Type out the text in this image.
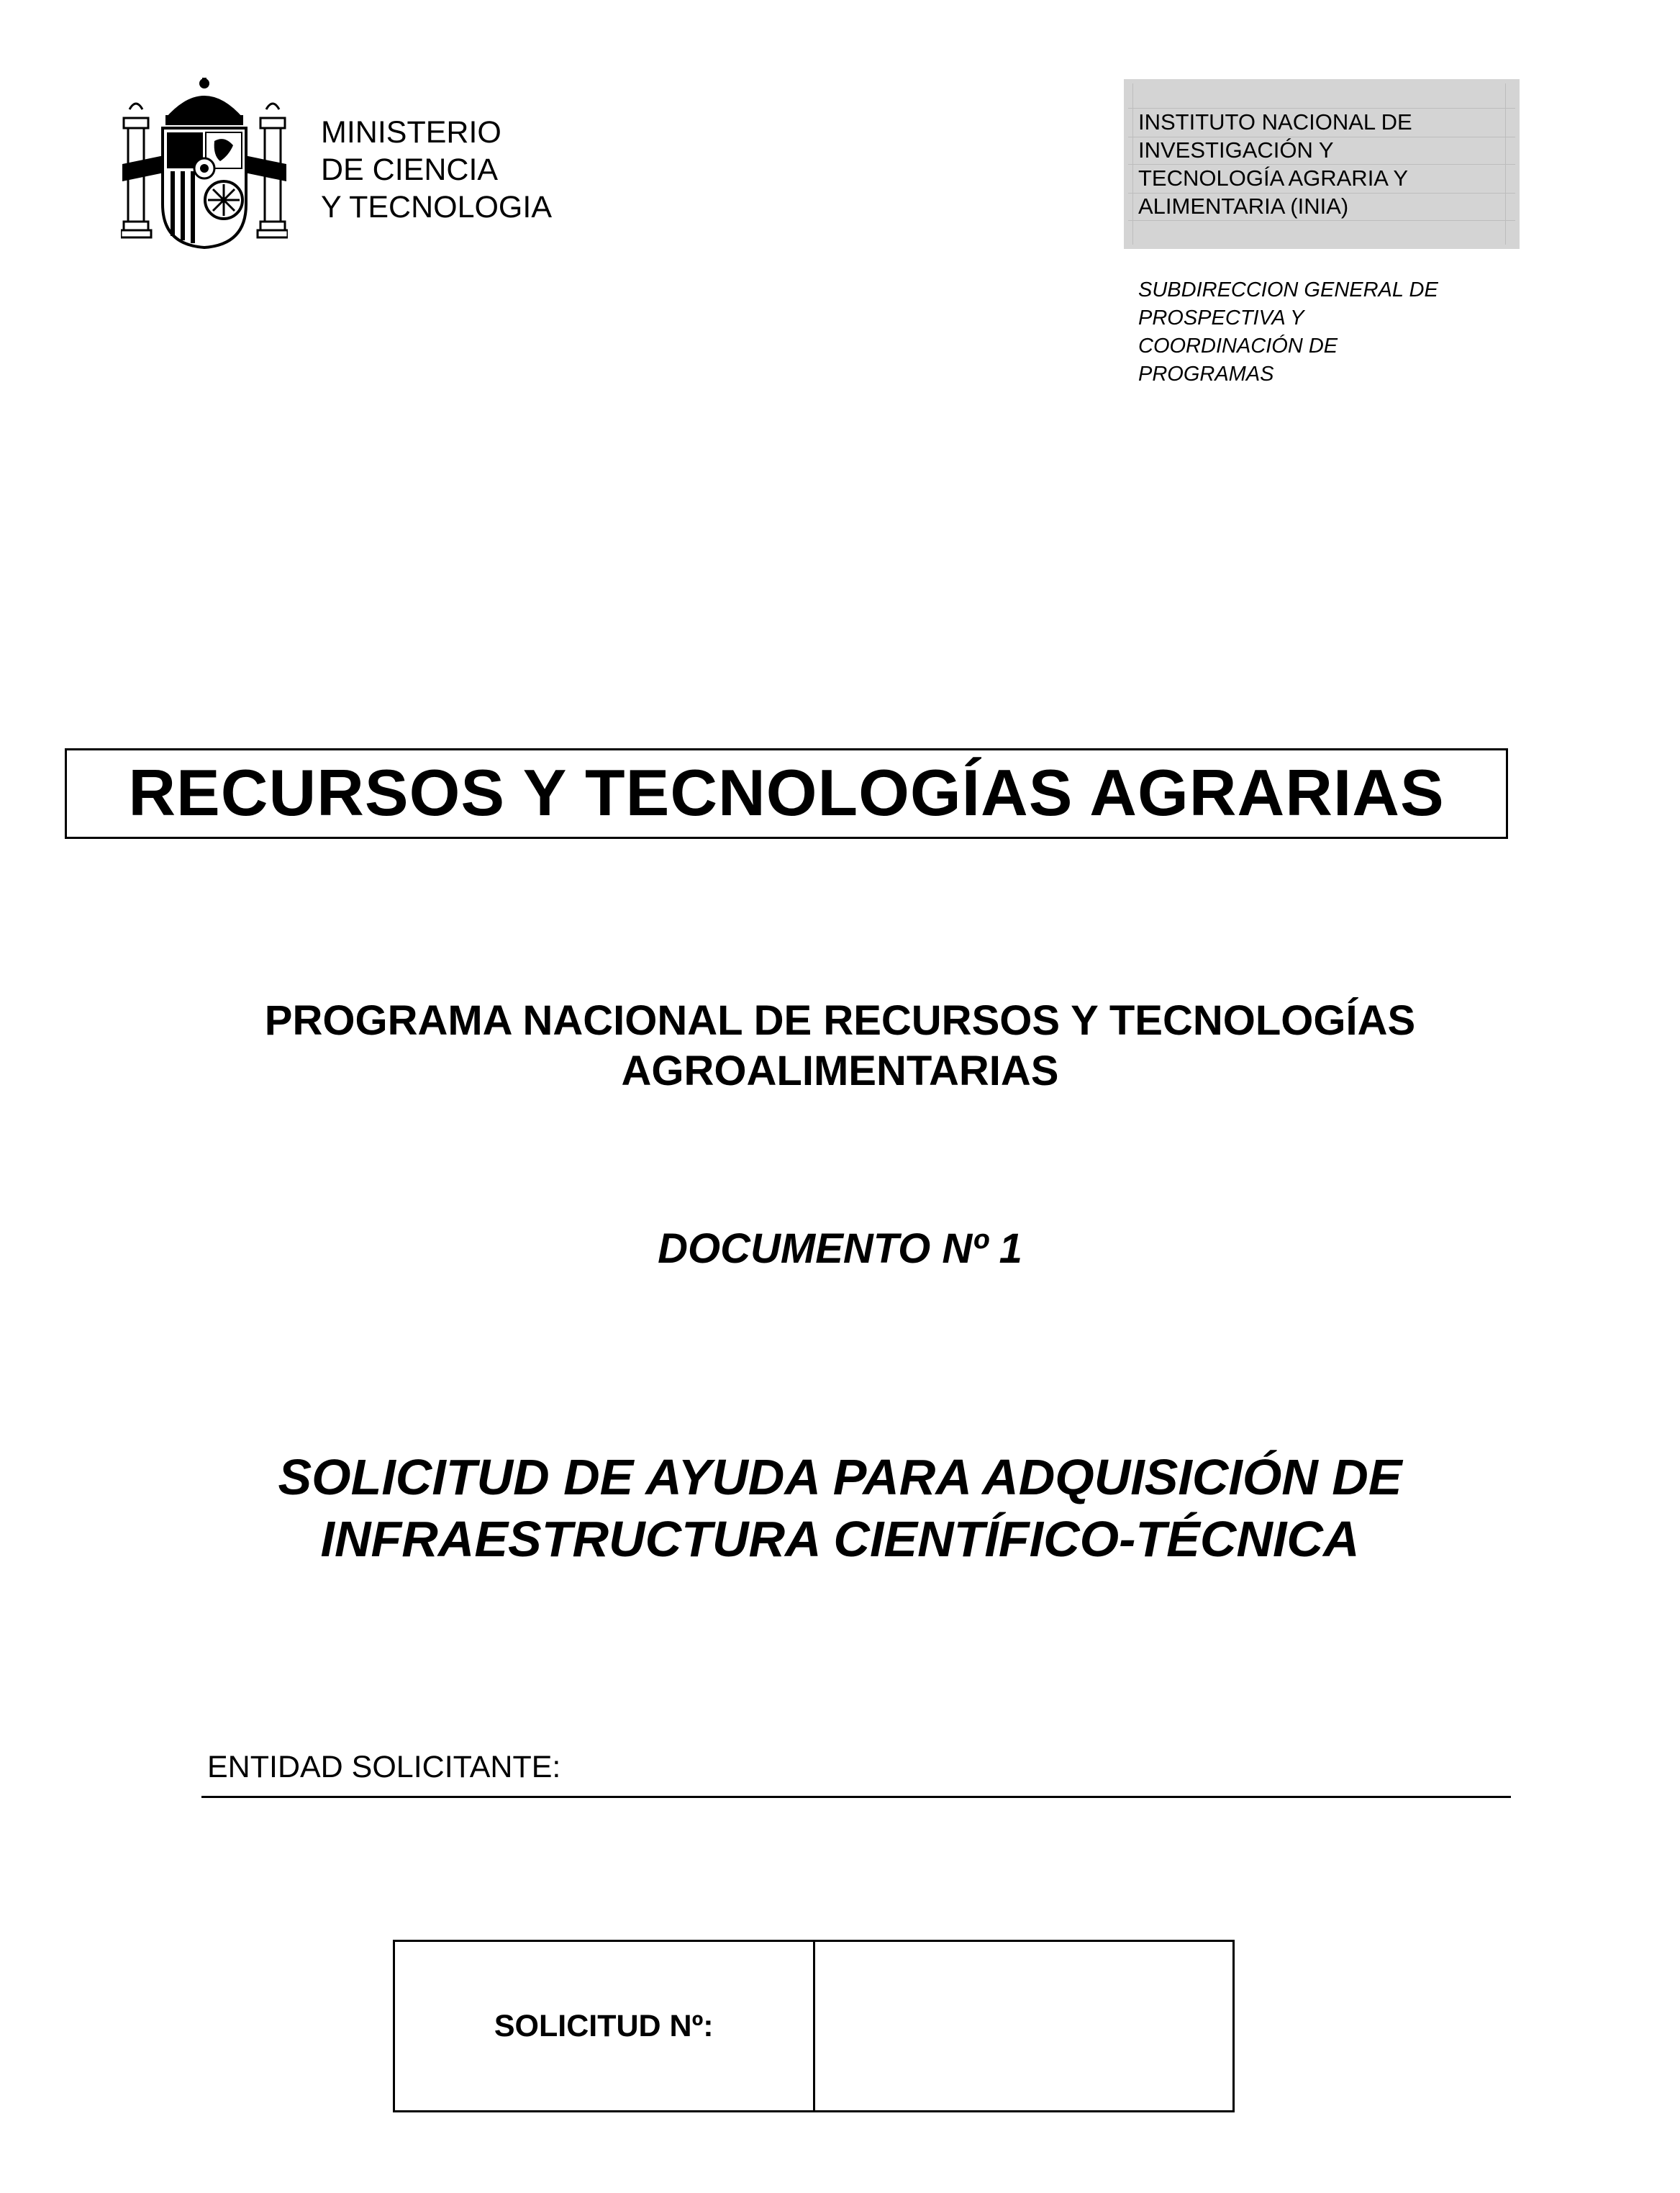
MINISTERIO
DE CIENCIA
Y TECNOLOGIA
INSTITUTO NACIONAL DE
INVESTIGACIÓN Y
TECNOLOGÍA AGRARIA Y
ALIMENTARIA (INIA)
SUBDIRECCION GENERAL DE
PROSPECTIVA Y
COORDINACIÓN DE
PROGRAMAS
RECURSOS Y TECNOLOGÍAS AGRARIAS
PROGRAMA NACIONAL DE RECURSOS Y TECNOLOGÍAS
AGROALIMENTARIAS
DOCUMENTO Nº 1
SOLICITUD DE AYUDA PARA ADQUISICIÓN DE
INFRAESTRUCTURA CIENTÍFICO-TÉCNICA
ENTIDAD SOLICITANTE:
SOLICITUD Nº:
